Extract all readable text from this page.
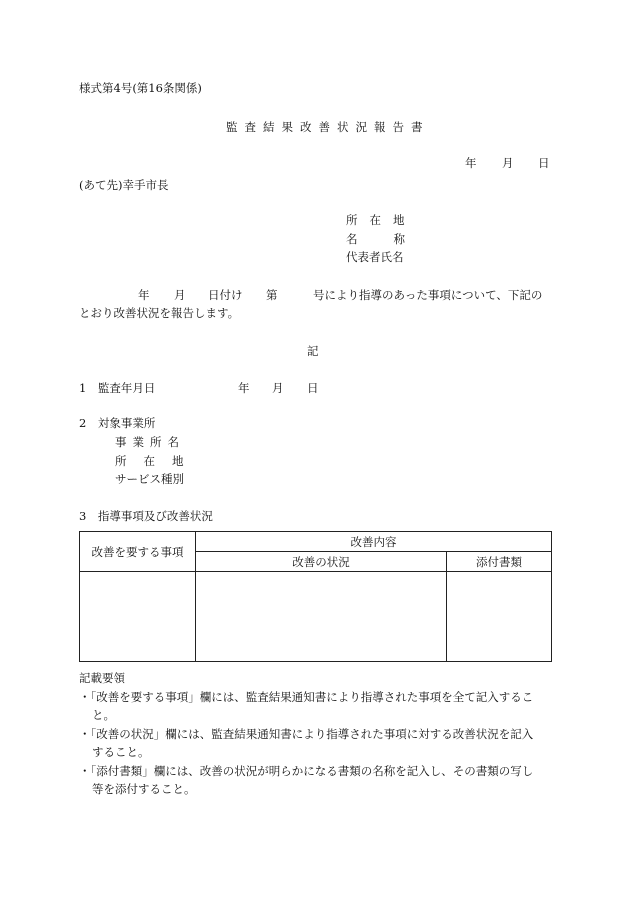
様式第4号(第16条関係)
監査結果改善状況報告書
年 月 日
(あて先)幸手市長
所在地
名称
代表者氏名
年 月 日付け 第	号により指導のあった事項について、下記の
とおり改善状況を報告します。
記
1　監査年月日	年 月 日
2　対象事業所
事業所名
所在地
サービス種別
3　指導事項及び改善状況
改善を要する事項	改善内容	
	改善の状況	添付書類

記載要領
・「改善を要する事項」欄には、監査結果通知書により指導された事項を全て記入するこ
と。
・「改善の状況」欄には、監査結果通知書により指導された事項に対する改善状況を記入
すること。
・「添付書類」欄には、改善の状況が明らかになる書類の名称を記入し、その書類の写し
等を添付すること。
